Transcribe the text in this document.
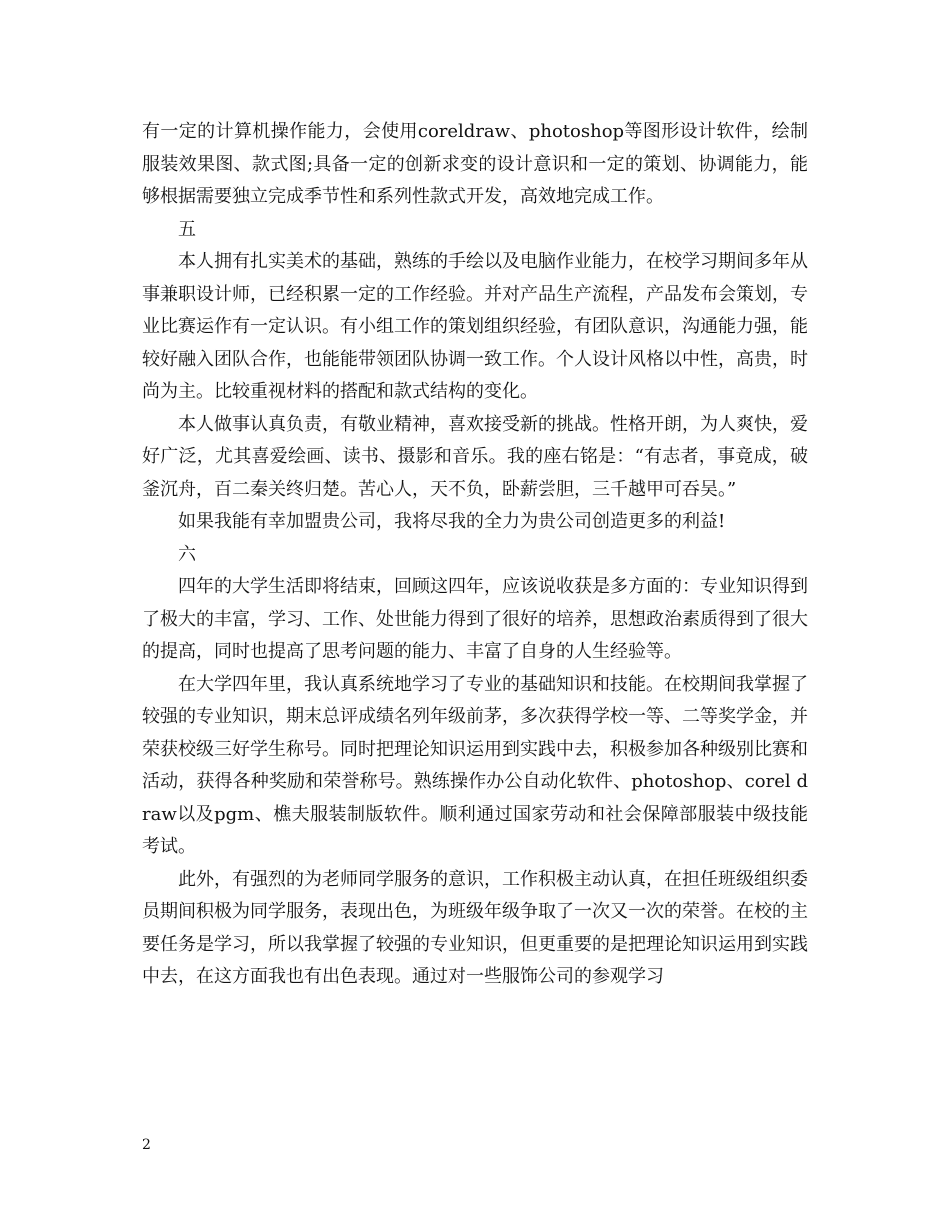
有一定的计算机操作能力，会使用coreldraw、photoshop等图形设计软件，绘制服装效果图、款式图;具备一定的创新求变的设计意识和一定的策划、协调能力，能够根据需要独立完成季节性和系列性款式开发，高效地完成工作。

五

本人拥有扎实美术的基础，熟练的手绘以及电脑作业能力，在校学习期间多年从事兼职设计师，已经积累一定的工作经验。并对产品生产流程，产品发布会策划，专业比赛运作有一定认识。有小组工作的策划组织经验，有团队意识，沟通能力强，能较好融入团队合作，也能能带领团队协调一致工作。个人设计风格以中性，高贵，时尚为主。比较重视材料的搭配和款式结构的变化。

本人做事认真负责，有敬业精神，喜欢接受新的挑战。性格开朗，为人爽快，爱好广泛，尤其喜爱绘画、读书、摄影和音乐。我的座右铭是：“有志者，事竟成，破釜沉舟，百二秦关终归楚。苦心人，天不负，卧薪尝胆，三千越甲可吞吴。”

如果我能有幸加盟贵公司，我将尽我的全力为贵公司创造更多的利益!

六

四年的大学生活即将结束，回顾这四年，应该说收获是多方面的：专业知识得到了极大的丰富，学习、工作、处世能力得到了很好的培养，思想政治素质得到了很大的提高，同时也提高了思考问题的能力、丰富了自身的人生经验等。

在大学四年里，我认真系统地学习了专业的基础知识和技能。在校期间我掌握了较强的专业知识，期末总评成绩名列年级前茅，多次获得学校一等、二等奖学金，并荣获校级三好学生称号。同时把理论知识运用到实践中去，积极参加各种级别比赛和活动，获得各种奖励和荣誉称号。熟练操作办公自动化软件、photoshop、corel draw以及pgm、樵夫服装制版软件。顺利通过国家劳动和社会保障部服装中级技能考试。

此外，有强烈的为老师同学服务的意识，工作积极主动认真，在担任班级组织委员期间积极为同学服务，表现出色，为班级年级争取了一次又一次的荣誉。在校的主要任务是学习，所以我掌握了较强的专业知识，但更重要的是把理论知识运用到实践中去，在这方面我也有出色表现。通过对一些服饰公司的参观学习

2
